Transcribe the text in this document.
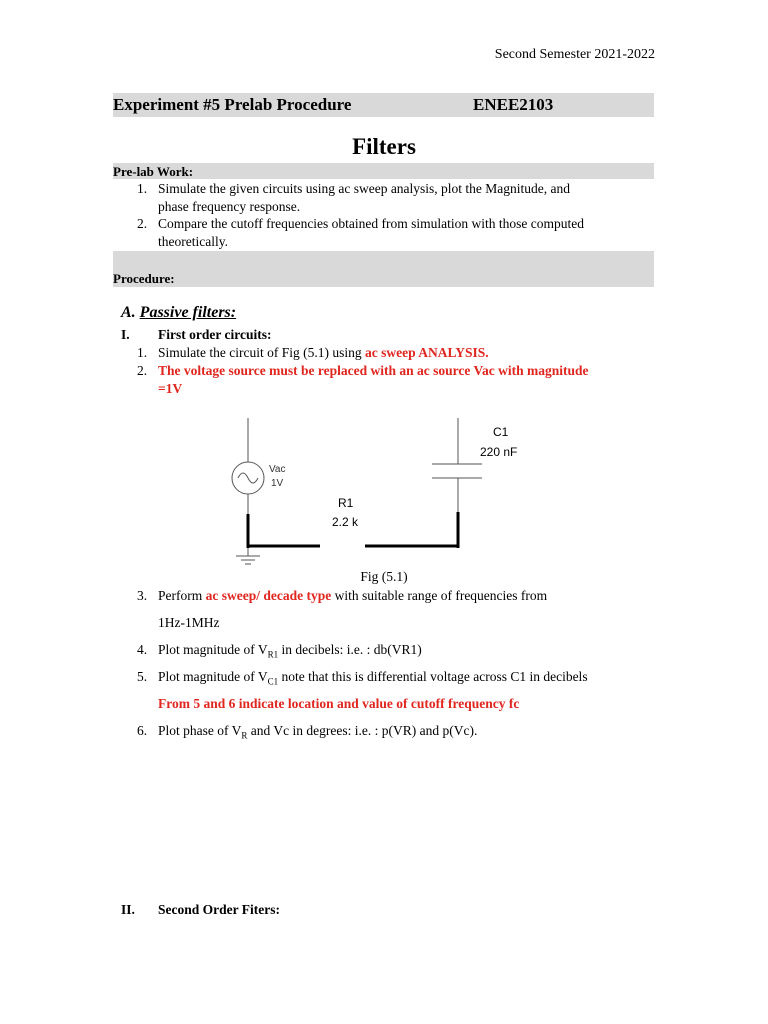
Second Semester 2021-2022
Experiment #5 Prelab Procedure	ENEE2103
Filters
Pre-lab Work:
1. Simulate the given circuits using ac sweep analysis, plot the Magnitude, and
phase frequency response.
2. Compare the cutoff frequencies obtained from simulation with those computed
theoretically.
Procedure:
A. Passive filters:
I. First order circuits:
1. Simulate the circuit of Fig (5.1) using ac sweep ANALYSIS.
2. The voltage source must be replaced with an ac source Vac with magnitude
=1V
Vac
1V
R1
2.2 k
C1
220 nF
Fig (5.1)
3. Perform ac sweep/ decade type with suitable range of frequencies from
1Hz-1MHz
4. Plot magnitude of $V_{R1}$ in decibels: i.e. : db(VR1)
5. Plot magnitude of $V_{C1}$ note that this is differential voltage across C1 in decibels
From 5 and 6 indicate location and value of cutoff frequency fc
6. Plot phase of $V_R$ and Vc in degrees: i.e. : p(VR) and p(Vc).
II. Second Order Fiters:
